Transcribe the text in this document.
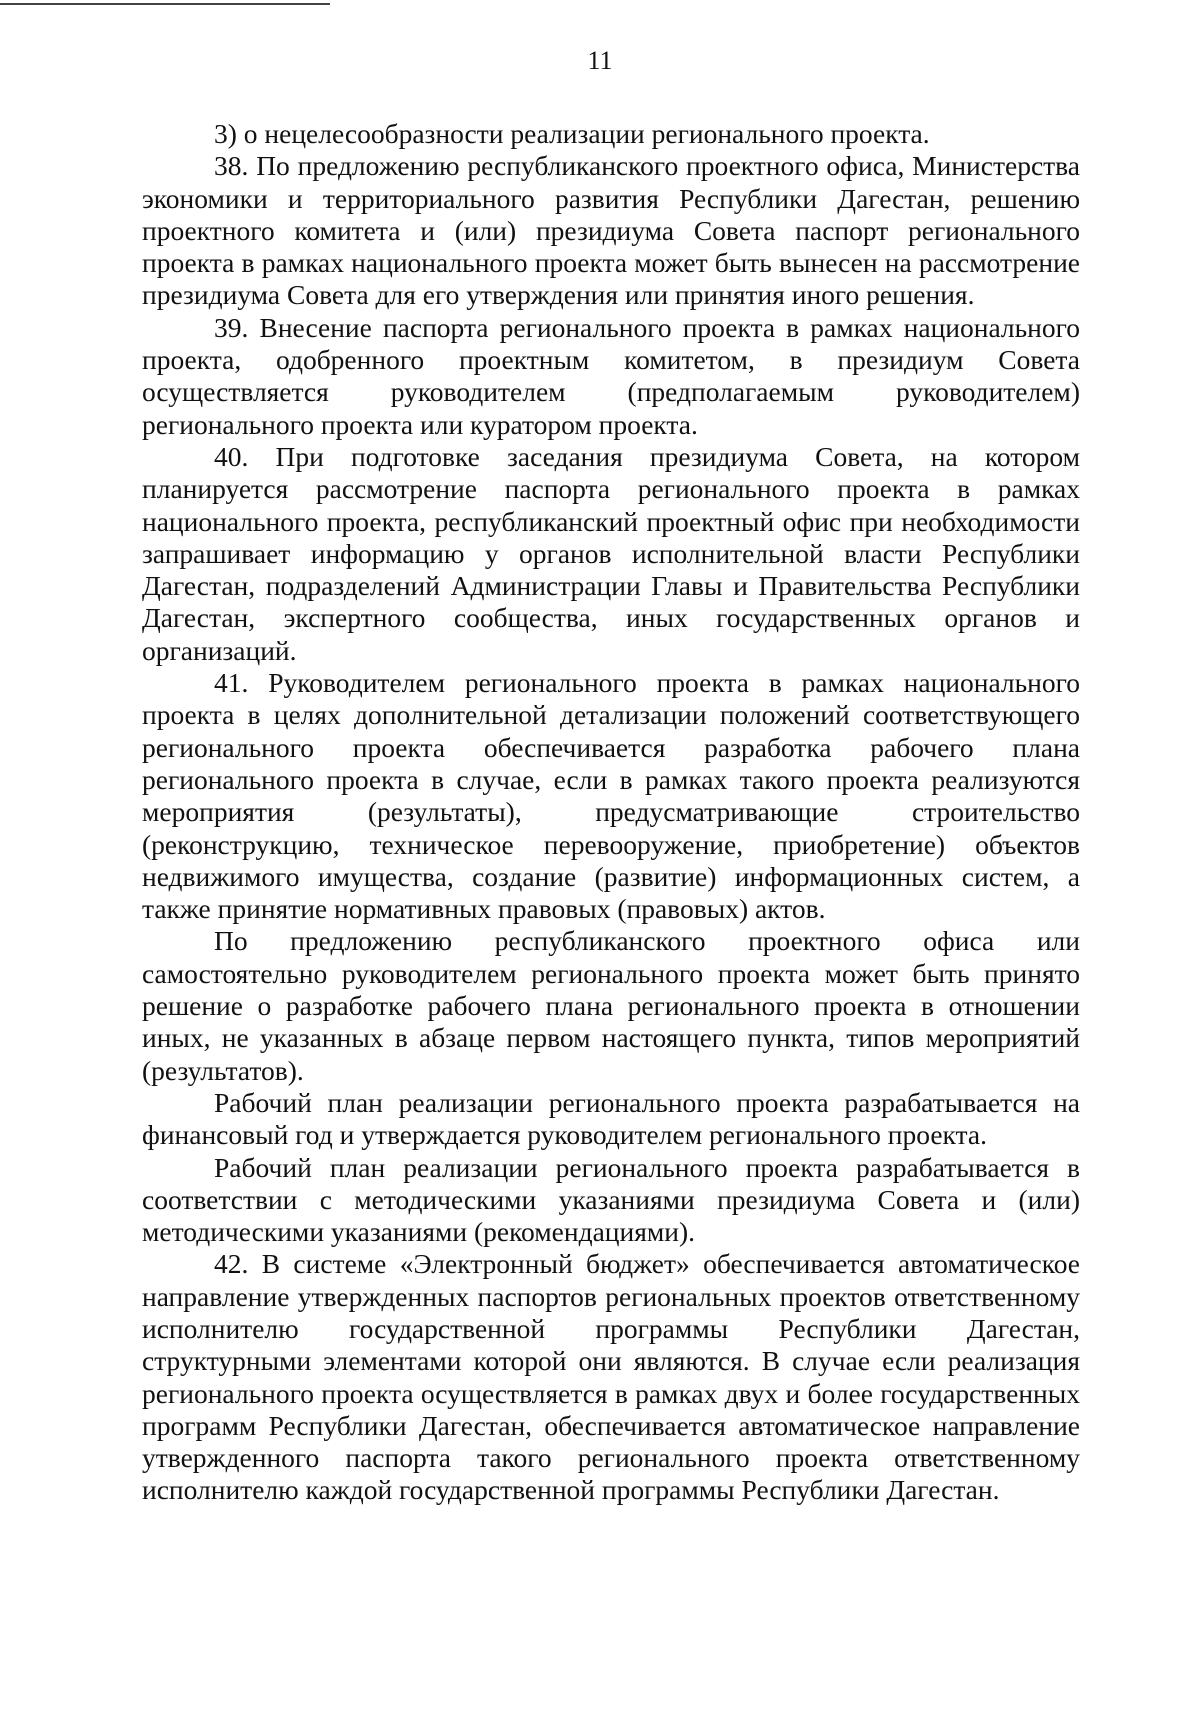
11

3) о нецелесообразности реализации регионального проекта.

38. По предложению республиканского проектного офиса, Министерства экономики и территориального развития Республики Дагестан, решению проектного комитета и (или) президиума Совета паспорт регионального проекта в рамках национального проекта может быть вынесен на рассмотрение президиума Совета для его утверждения или принятия иного решения.

39. Внесение паспорта регионального проекта в рамках национального проекта, одобренного проектным комитетом, в президиум Совета осуществляется руководителем (предполагаемым руководителем) регионального проекта или куратором проекта.

40. При подготовке заседания президиума Совета, на котором планируется рассмотрение паспорта регионального проекта в рамках национального проекта, республиканский проектный офис при необходимости запрашивает информацию у органов исполнительной власти Республики Дагестан, подразделений Администрации Главы и Правительства Республики Дагестан, экспертного сообщества, иных государственных органов и организаций.

41. Руководителем регионального проекта в рамках национального проекта в целях дополнительной детализации положений соответствующего регионального проекта обеспечивается разработка рабочего плана регионального проекта в случае, если в рамках такого проекта реализуются мероприятия (результаты), предусматривающие строительство (реконструкцию, техническое перевооружение, приобретение) объектов недвижимого имущества, создание (развитие) информационных систем, а также принятие нормативных правовых (правовых) актов.

По предложению республиканского проектного офиса или самостоятельно руководителем регионального проекта может быть принято решение о разработке рабочего плана регионального проекта в отношении иных, не указанных в абзаце первом настоящего пункта, типов мероприятий (результатов).

Рабочий план реализации регионального проекта разрабатывается на финансовый год и утверждается руководителем регионального проекта.

Рабочий план реализации регионального проекта разрабатывается в соответствии с методическими указаниями президиума Совета и (или) методическими указаниями (рекомендациями).

42. В системе «Электронный бюджет» обеспечивается автоматическое направление утвержденных паспортов региональных проектов ответственному исполнителю государственной программы Республики Дагестан, структурными элементами которой они являются. В случае если реализация регионального проекта осуществляется в рамках двух и более государственных программ Республики Дагестан, обеспечивается автоматическое направление утвержденного паспорта такого регионального проекта ответственному исполнителю каждой государственной программы Республики Дагестан.
